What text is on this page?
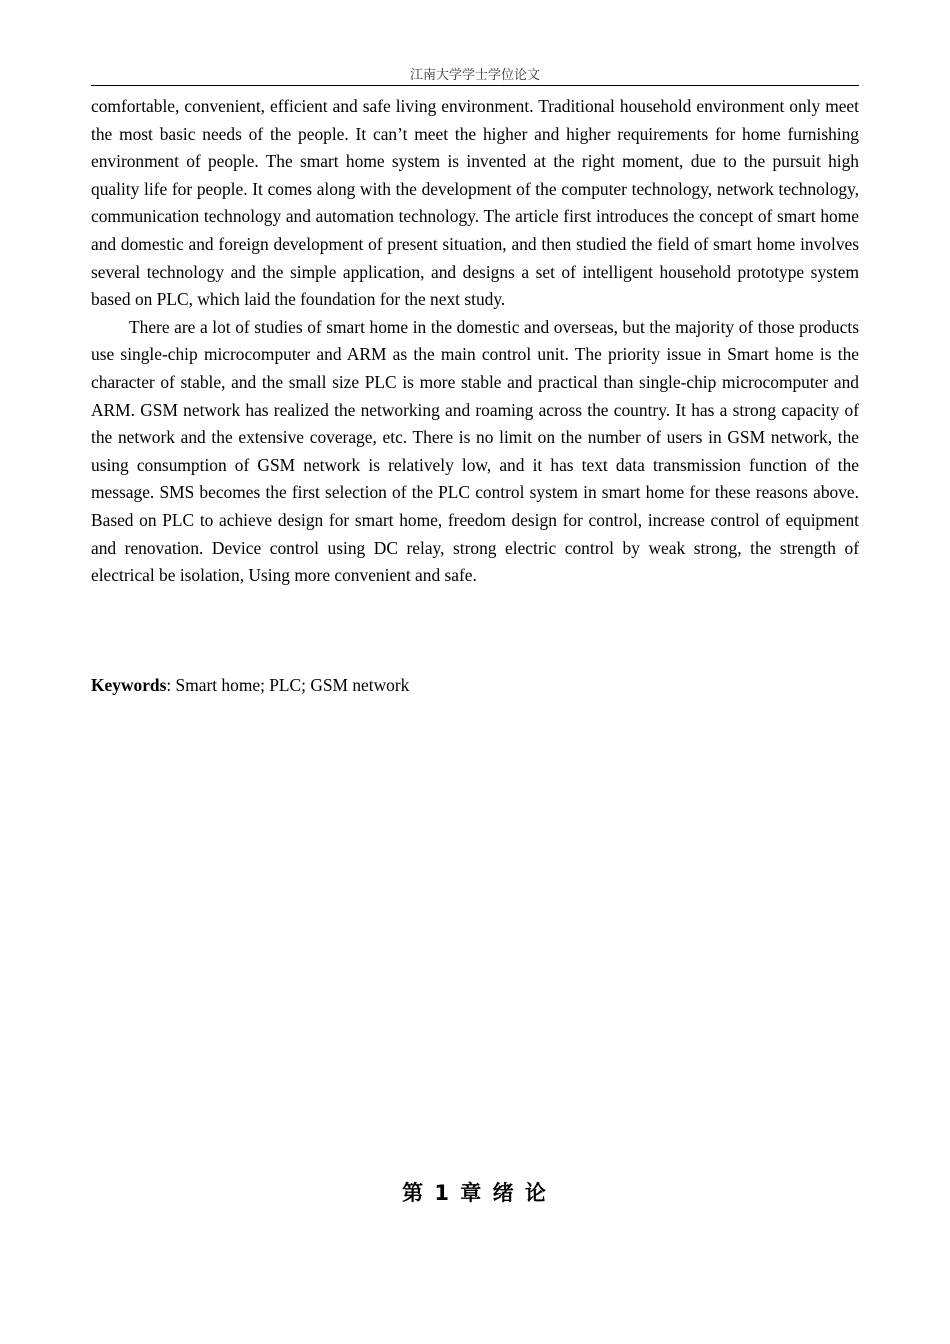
江南大学学士学位论文

comfortable, convenient, efficient and safe living environment. Traditional household environment only meet the most basic needs of the people. It can’t meet the higher and higher requirements for home furnishing environment of people. The smart home system is invented at the right moment, due to the pursuit high quality life for people. It comes along with the development of the computer technology, network technology, communication technology and automation technology. The article first introduces the concept of smart home and domestic and foreign development of present situation, and then studied the field of smart home involves several technology and the simple application, and designs a set of intelligent household prototype system based on PLC, which laid the foundation for the next study.

There are a lot of studies of smart home in the domestic and overseas, but the majority of those products use single-chip microcomputer and ARM as the main control unit. The priority issue in Smart home is the character of stable, and the small size PLC is more stable and practical than single-chip microcomputer and ARM. GSM network has realized the networking and roaming across the country. It has a strong capacity of the network and the extensive coverage, etc. There is no limit on the number of users in GSM network, the using consumption of GSM network is relatively low, and it has text data transmission function of the message. SMS becomes the first selection of the PLC control system in smart home for these reasons above. Based on PLC to achieve design for smart home, freedom design for control, increase control of equipment and renovation. Device control using DC relay, strong electric control by weak strong, the strength of electrical be isolation, Using more convenient and safe.

Keywords: Smart home; PLC; GSM network
第 1 章 绪 论
